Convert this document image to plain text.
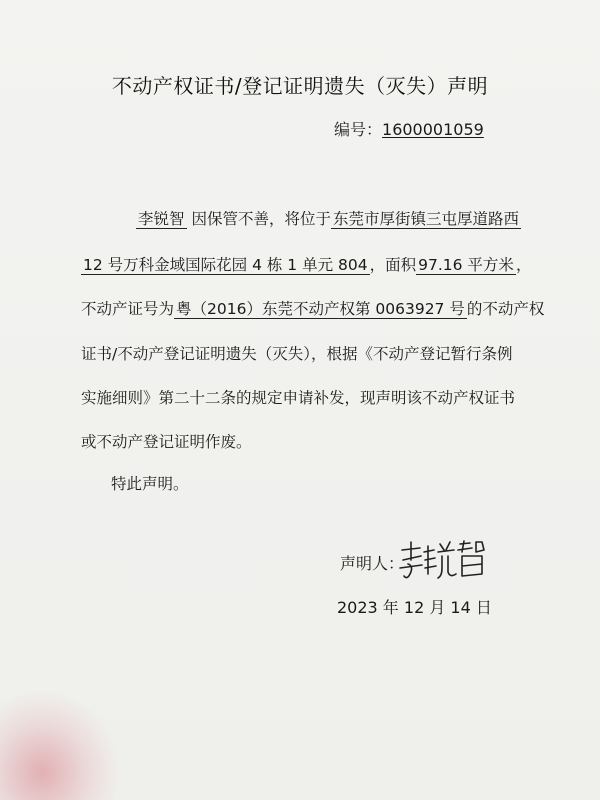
不动产权证书/登记证明遗失（灭失）声明
编号：1600001059
李锐智 因保管不善，将位于 东莞市厚街镇三屯厚道路西
12 号万科金域国际花园 4 栋 1 单元 804 ，面积 97.16 平方米 ，
不动产证号为 粤（2016）东莞不动产权第 0063927 号 的不动产权
证书/不动产登记证明遗失（灭失），根据《不动产登记暂行条例
实施细则》第二十二条的规定申请补发，现声明该不动产权证书
或不动产登记证明作废。
特此声明。
声明人：
2023 年 12 月 14 日
